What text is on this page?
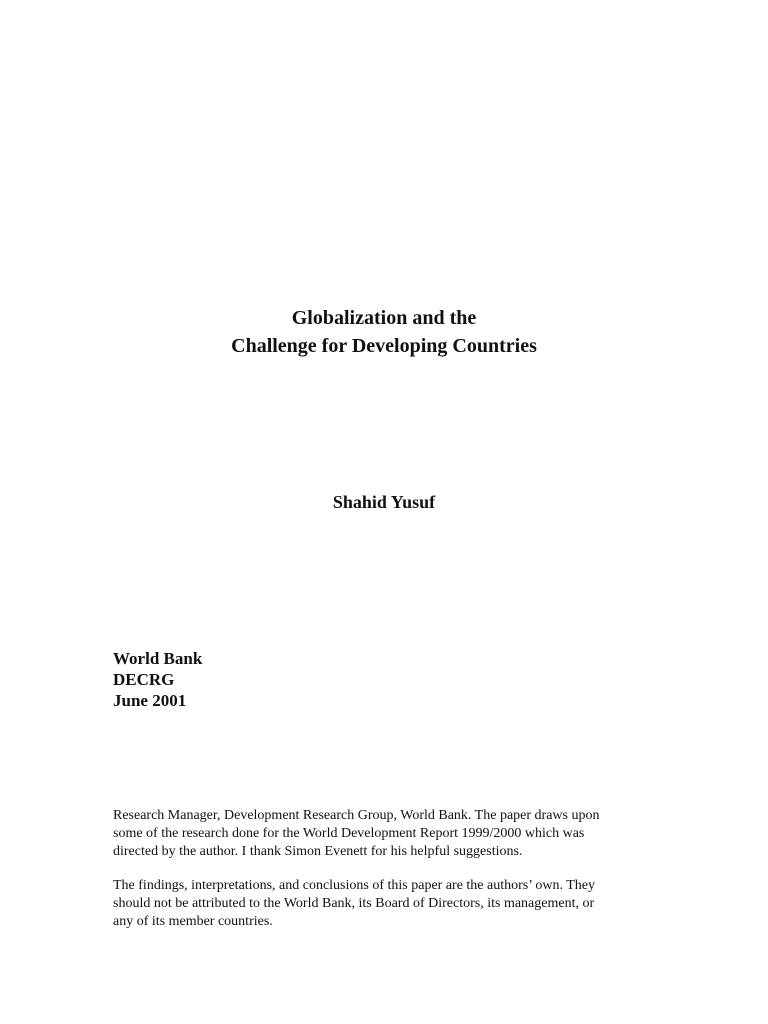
Globalization and the
Challenge for Developing Countries
Shahid Yusuf
World Bank
DECRG
June 2001

Research Manager, Development Research Group, World Bank. The paper draws upon
some of the research done for the World Development Report 1999/2000 which was
directed by the author. I thank Simon Evenett for his helpful suggestions.

The findings, interpretations, and conclusions of this paper are the authors’ own. They
should not be attributed to the World Bank, its Board of Directors, its management, or
any of its member countries.
